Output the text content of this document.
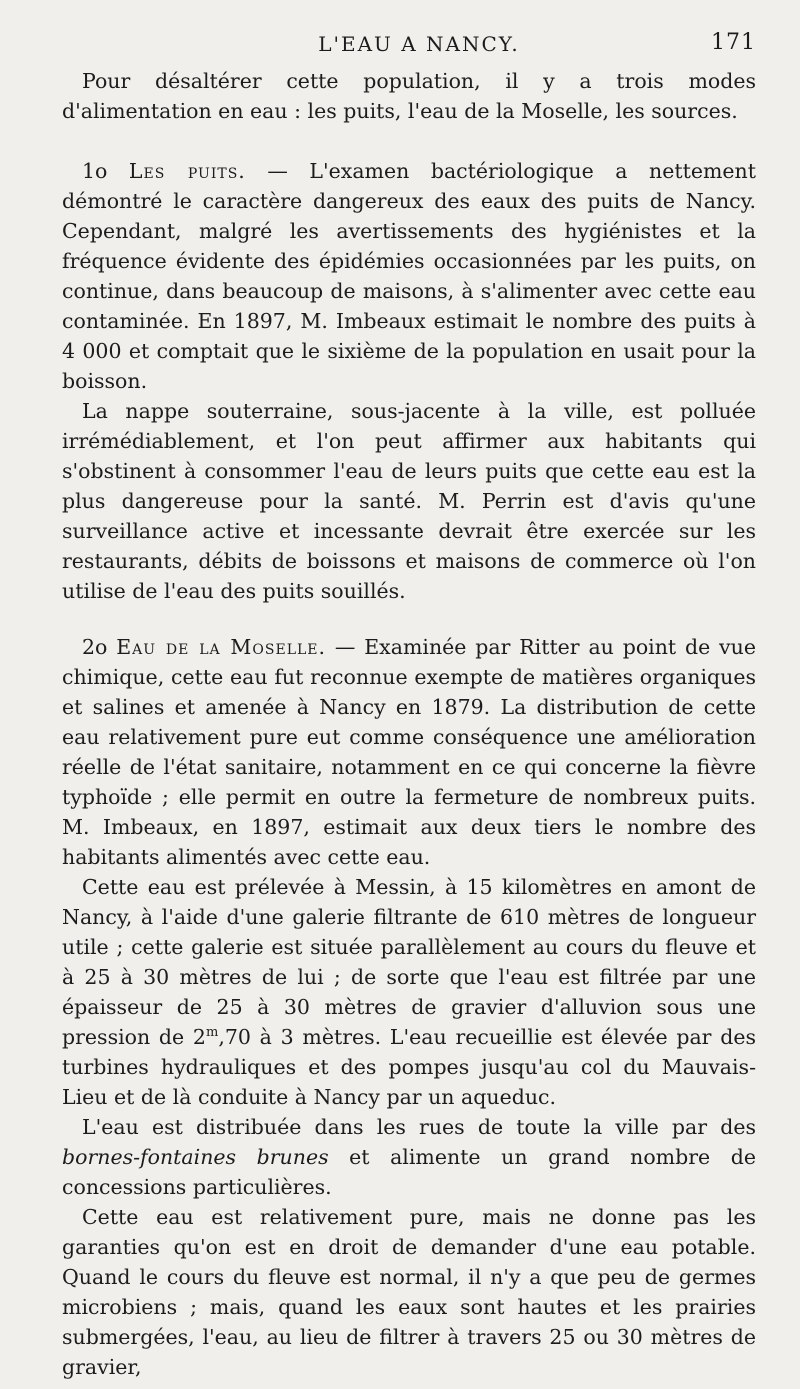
L'EAU A NANCY.	171

Pour désaltérer cette population, il y a trois modes d'alimentation en eau : les puits, l'eau de la Moselle, les sources.

1o Les puits. — L'examen bactériologique a nettement démontré le caractère dangereux des eaux des puits de Nancy. Cependant, malgré les avertissements des hygiénistes et la fréquence évidente des épidémies occasionnées par les puits, on continue, dans beaucoup de maisons, à s'alimenter avec cette eau contaminée. En 1897, M. Imbeaux estimait le nombre des puits à 4 000 et comptait que le sixième de la population en usait pour la boisson.

La nappe souterraine, sous-jacente à la ville, est polluée irrémédiablement, et l'on peut affirmer aux habitants qui s'obstinent à consommer l'eau de leurs puits que cette eau est la plus dangereuse pour la santé. M. Perrin est d'avis qu'une surveillance active et incessante devrait être exercée sur les restaurants, débits de boissons et maisons de commerce où l'on utilise de l'eau des puits souillés.

2o Eau de la Moselle. — Examinée par Ritter au point de vue chimique, cette eau fut reconnue exempte de matières organiques et salines et amenée à Nancy en 1879. La distribution de cette eau relativement pure eut comme conséquence une amélioration réelle de l'état sanitaire, notamment en ce qui concerne la fièvre typhoïde ; elle permit en outre la fermeture de nombreux puits. M. Imbeaux, en 1897, estimait aux deux tiers le nombre des habitants alimentés avec cette eau.

Cette eau est prélevée à Messin, à 15 kilomètres en amont de Nancy, à l'aide d'une galerie filtrante de 610 mètres de longueur utile ; cette galerie est située parallèlement au cours du fleuve et à 25 à 30 mètres de lui ; de sorte que l'eau est filtrée par une épaisseur de 25 à 30 mètres de gravier d'alluvion sous une pression de 2$^m$,70 à 3 mètres. L'eau recueillie est élevée par des turbines hydrauliques et des pompes jusqu'au col du Mauvais-Lieu et de là conduite à Nancy par un aqueduc.

L'eau est distribuée dans les rues de toute la ville par des bornes-fontaines brunes et alimente un grand nombre de concessions particulières.

Cette eau est relativement pure, mais ne donne pas les garanties qu'on est en droit de demander d'une eau potable. Quand le cours du fleuve est normal, il n'y a que peu de germes microbiens ; mais, quand les eaux sont hautes et les prairies submergées, l'eau, au lieu de filtrer à travers 25 ou 30 mètres de gravier,
